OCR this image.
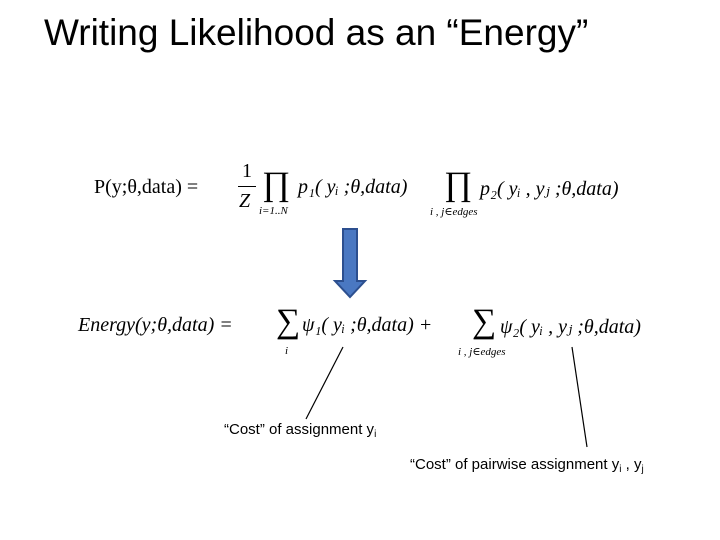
Writing Likelihood as an “Energy”
P(y;θ,data) =
1
Z ∏
i=1..N
p₁( yᵢ ;θ,data) ∏
i , j∈edges
p₂( yᵢ , yⱼ ;θ,data)
Energy(y;θ,data) = ∑
i
ψ₁( yᵢ ;θ,data) + ∑
i , j∈edges
ψ₂( yᵢ , yⱼ ;θ,data)
“Cost” of assignment $y_i$
“Cost” of pairwise assignment $y_i$ , $y_j$
